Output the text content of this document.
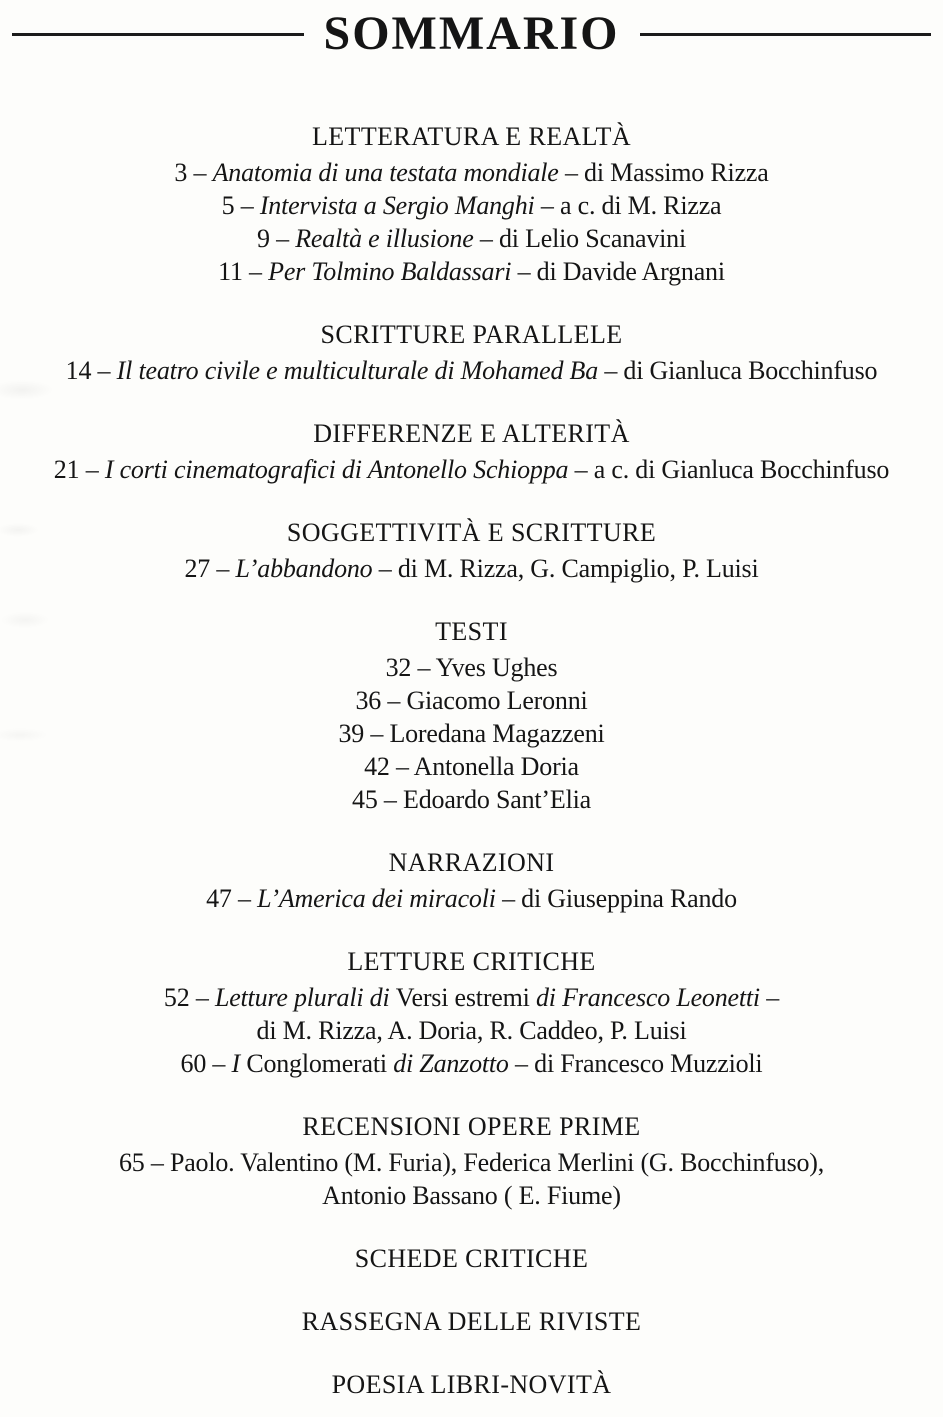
SOMMARIO
LETTERATURA E REALTÀ
3 – Anatomia di una testata mondiale – di Massimo Rizza
5 – Intervista a Sergio Manghi – a c. di M. Rizza
9 – Realtà e illusione – di Lelio Scanavini
11 – Per Tolmino Baldassari – di Davide Argnani
SCRITTURE PARALLELE
14 – Il teatro civile e multiculturale di Mohamed Ba – di Gianluca Bocchinfuso
DIFFERENZE E ALTERITÀ
21 – I corti cinematografici di Antonello Schioppa – a c. di Gianluca Bocchinfuso
SOGGETTIVITÀ E SCRITTURE
27 – L’abbandono – di M. Rizza, G. Campiglio, P. Luisi
TESTI
32 – Yves Ughes
36 – Giacomo Leronni
39 – Loredana Magazzeni
42 – Antonella Doria
45 – Edoardo Sant’Elia
NARRAZIONI
47 – L’America dei miracoli – di Giuseppina Rando
LETTURE CRITICHE
52 – Letture plurali di Versi estremi di Francesco Leonetti –
di M. Rizza, A. Doria, R. Caddeo, P. Luisi
60 – I Conglomerati di Zanzotto – di Francesco Muzzioli
RECENSIONI OPERE PRIME
65 – Paolo. Valentino (M. Furia), Federica Merlini (G. Bocchinfuso),
Antonio Bassano ( E. Fiume)
SCHEDE CRITICHE
RASSEGNA DELLE RIVISTE
POESIA LIBRI-NOVITÀ
